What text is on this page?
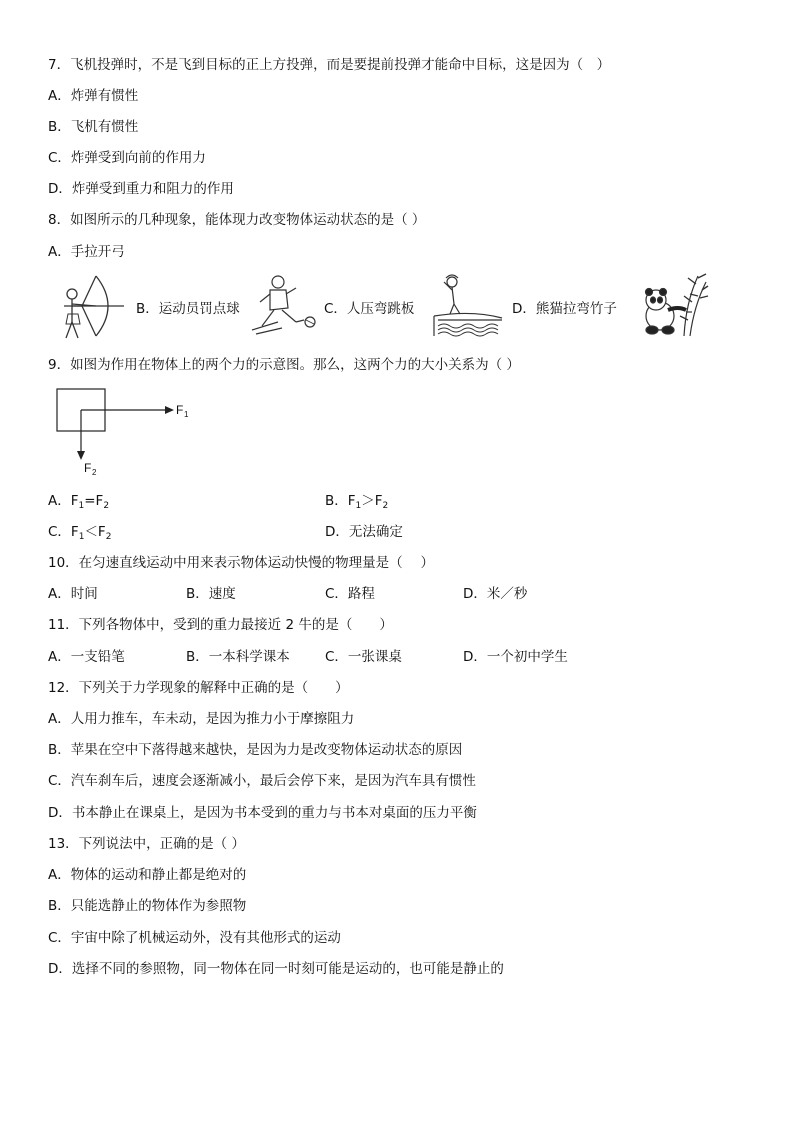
7．飞机投弹时，不是飞到目标的正上方投弹，而是要提前投弹才能命中目标，这是因为（　）
A．炸弹有惯性
B．飞机有惯性
C．炸弹受到向前的作用力
D．炸弹受到重力和阻力的作用
8．如图所示的几种现象，能体现力改变物体运动状态的是（ ）
A．手拉开弓
B．运动员罚点球	C．人压弯跳板	D．熊猫拉弯竹子
9．如图为作用在物体上的两个力的示意图。那么，这两个力的大小关系为（ ）
F 1
F 2
A．$F_1=F_2$	B．$F_1>F_2$
C．$F_1<F_2$	D．无法确定
10．在匀速直线运动中用来表示物体运动快慢的物理量是（　 ）
A．时间	B．速度	C．路程	D．米／秒
11．下列各物体中，受到的重力最接近 2 牛的是（　　）
A．一支铅笔	B．一本科学课本	C．一张课桌	D．一个初中学生
12．下列关于力学现象的解释中正确的是（　　）
A．人用力推车，车未动，是因为推力小于摩擦阻力
B．苹果在空中下落得越来越快，是因为力是改变物体运动状态的原因
C．汽车刹车后，速度会逐渐减小，最后会停下来，是因为汽车具有惯性
D．书本静止在课桌上，是因为书本受到的重力与书本对桌面的压力平衡
13．下列说法中，正确的是（ ）
A．物体的运动和静止都是绝对的
B．只能选静止的物体作为参照物
C．宇宙中除了机械运动外，没有其他形式的运动
D．选择不同的参照物，同一物体在同一时刻可能是运动的，也可能是静止的
